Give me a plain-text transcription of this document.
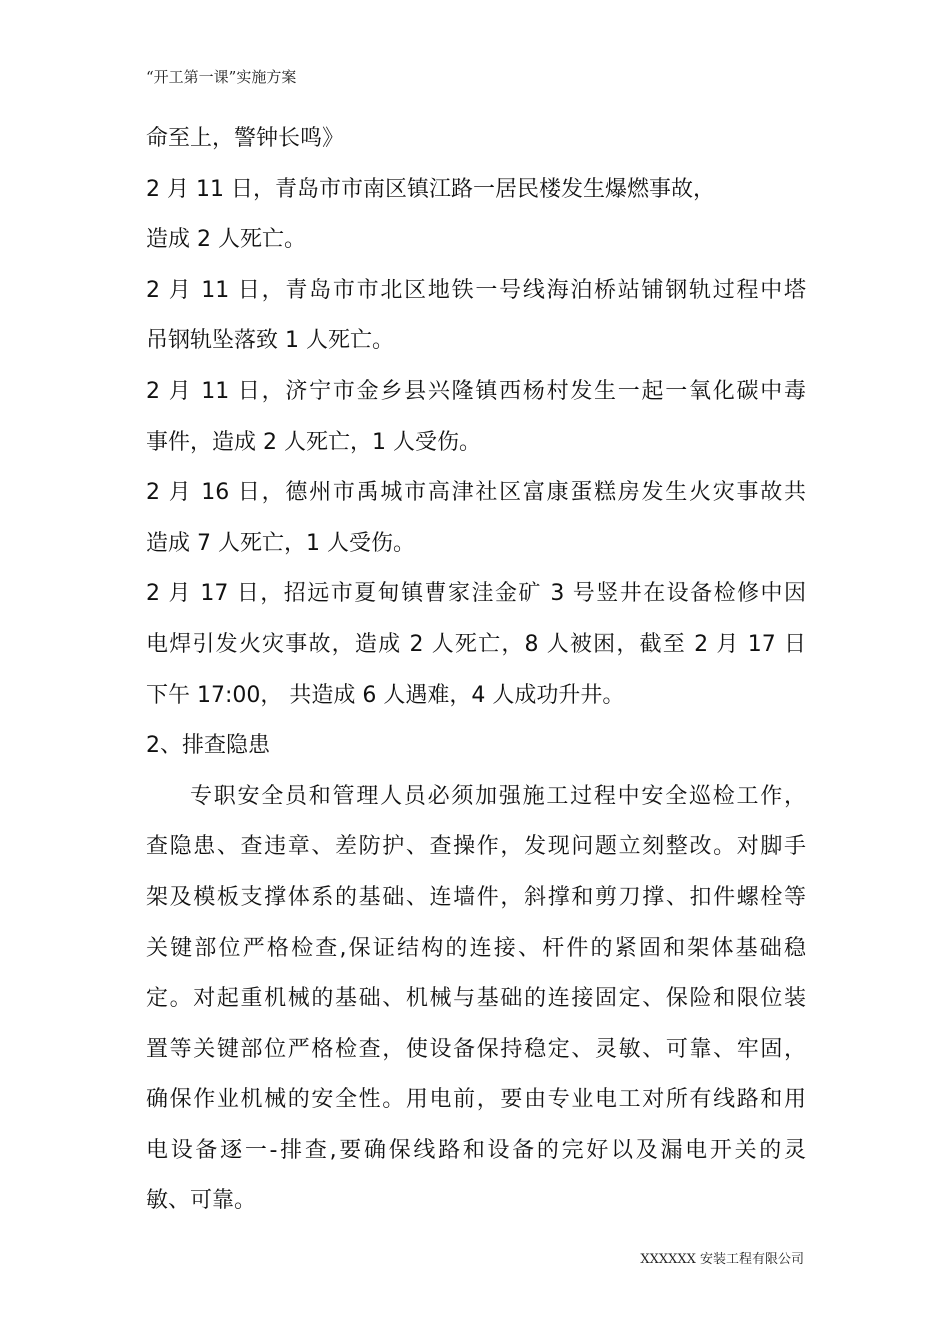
“开工第一课”实施方案
命至上，警钟长鸣》
2 月 11 日，青岛市市南区镇江路一居民楼发生爆燃事故，
造成 2 人死亡。
2 月 11 日，青岛市市北区地铁一号线海泊桥站铺钢轨过程中塔
吊钢轨坠落致 1 人死亡。
2 月 11 日，济宁市金乡县兴隆镇西杨村发生一起一氧化碳中毒
事件，造成 2 人死亡，1 人受伤。
2 月 16 日，德州市禹城市高津社区富康蛋糕房发生火灾事故共
造成 7 人死亡，1 人受伤。
2 月 17 日，招远市夏甸镇曹家洼金矿 3 号竖井在设备检修中因
电焊引发火灾事故，造成 2 人死亡，8 人被困，截至 2 月 17 日
下午 17:00， 共造成 6 人遇难，4 人成功升井。
2、排查隐患
专职安全员和管理人员必须加强施工过程中安全巡检工作，
查隐患、查违章、差防护、查操作，发现问题立刻整改。对脚手
架及模板支撑体系的基础、连墙件，斜撑和剪刀撑、扣件螺栓等
关键部位严格检查,保证结构的连接、杆件的紧固和架体基础稳
定。对起重机械的基础、机械与基础的连接固定、保险和限位装
置等关键部位严格检查，使设备保持稳定、灵敏、可靠、牢固，
确保作业机械的安全性。用电前，要由专业电工对所有线路和用
电设备逐一-排查,要确保线路和设备的完好以及漏电开关的灵
敏、可靠。
XXXXXX 安装工程有限公司
